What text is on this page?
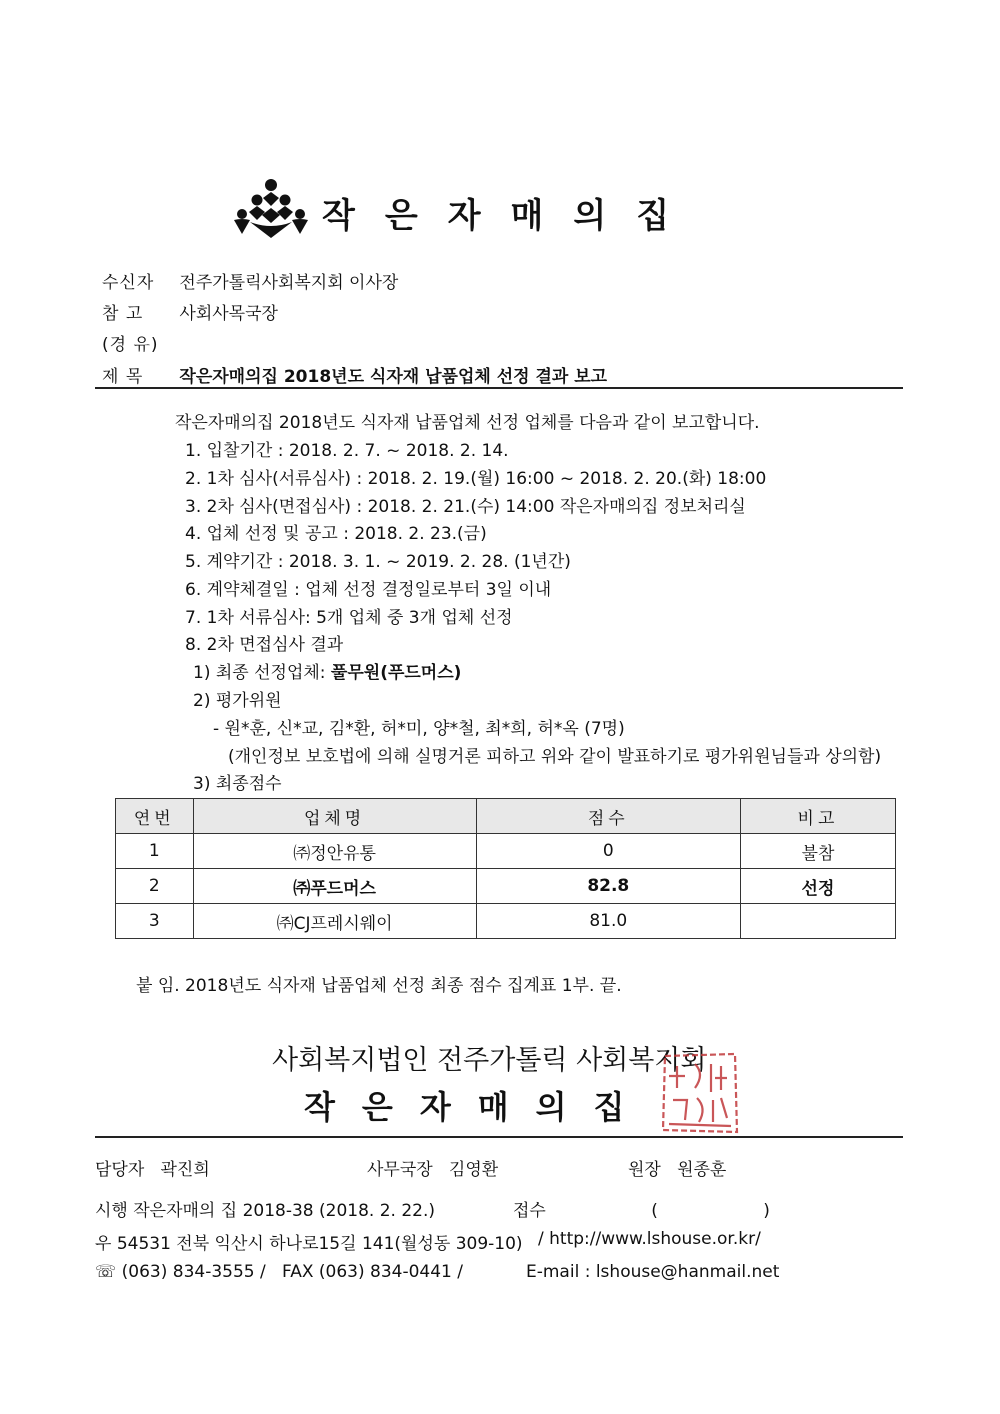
작은자매의집
수신자 전주가톨릭사회복지회 이사장
참 고 사회사목국장
(경 유)
제 목 작은자매의집 2018년도 식자재 납품업체 선정 결과 보고
작은자매의집 2018년도 식자재 납품업체 선정 업체를 다음과 같이 보고합니다.
1. 입찰기간 : 2018. 2. 7. ~ 2018. 2. 14.
2. 1차 심사(서류심사) : 2018. 2. 19.(월) 16:00 ~ 2018. 2. 20.(화) 18:00
3. 2차 심사(면접심사) : 2018. 2. 21.(수) 14:00 작은자매의집 정보처리실
4. 업체 선정 및 공고 : 2018. 2. 23.(금)
5. 계약기간 : 2018. 3. 1. ~ 2019. 2. 28. (1년간)
6. 계약체결일 : 업체 선정 결정일로부터 3일 이내
7. 1차 서류심사: 5개 업체 중 3개 업체 선정
8. 2차 면접심사 결과
1) 최종 선정업체: 풀무원(푸드머스)
2) 평가위원
- 원*훈, 신*교, 김*환, 허*미, 양*철, 최*희, 허*옥 (7명)
(개인정보 보호법에 의해 실명거론 피하고 위와 같이 발표하기로 평가위원님들과 상의함)
3) 최종점수
연번	업체명	점수	비고
1	㈜정안유통	0	불참
2	㈜푸드머스	82.8	선정
3	㈜CJ프레시웨이	81.0	
붙 임. 2018년도 식자재 납품업체 선정 최종 점수 집계표 1부. 끝.
사회복지법인 전주가톨릭 사회복지회
작은자매의집
담당자 곽진희	사무국장 김영환	원장 원종훈
시행 작은자매의 집 2018-38 (2018. 2. 22.)	접수 ( )
우 54531 전북 익산시 하나로15길 141(월성동 309-10) / http://www.lshouse.or.kr/
☏ (063) 834-3555 / FAX (063) 834-0441 /	E-mail : lshouse@hanmail.net
